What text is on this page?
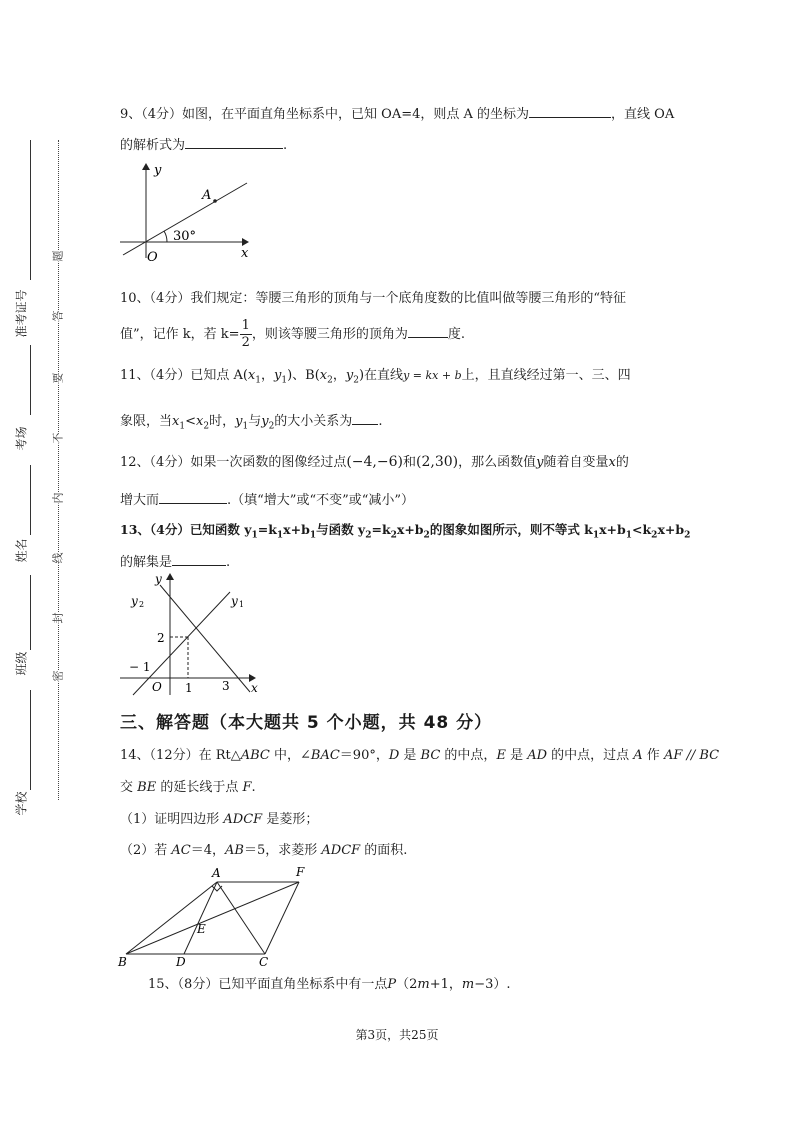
准考证号
考场
姓名
班级
学校
题
答
要
不
内
线
封
密
9、（4分）如图，在平面直角坐标系中，已知 OA=4，则点 A 的坐标为	，直线 OA
的解析式为	.
y
A
30°
x
O
10、（4分）我们规定：等腰三角形的顶角与一个底角度数的比值叫做等腰三角形的“特征
值”，记作 k，若 $k= \frac{1}{2}$ ，则该等腰三角形的顶角为	度.
11、（4分）已知点 $A(x_1$，$y_1$)、$B(x_2$，$y_2$)在直线y = kx + b上，且直线经过第一、三、四
象限，当$x_1<x_2$时，$y_1$与$y_2$的大小关系为 .
12、（4分）如果一次函数的图像经过点(−4,−6)和(2,30)，那么函数值y随着自变量x的
增大而	.（填“增大”或“不变”或“减小”）
13、（4分）已知函数 $y_1=k_1x+b_1$与函数 $y_2=k_2x+b_2$的图象如图所示，则不等式 $k_1x+b_1<k_2x+b_2$
的解集是	.
y
y 2	y 1
2
− 1
O 1 3 x
三、解答题（本大题共 5 个小题，共 48 分）
14、（12分）在 Rt△ABC 中，∠BAC＝90°，D 是 BC 的中点，E 是 AD 的中点，过点 A 作 AF // BC
交 BE 的延长线于点 F.
（1）证明四边形 ADCF 是菱形；
（2）若 AC＝4，AB＝5，求菱形 ADCF 的面积.
A	F
E
B	D	C
15、（8分）已知平面直角坐标系中有一点P（2m+1，m−3）.
第3页，共25页
